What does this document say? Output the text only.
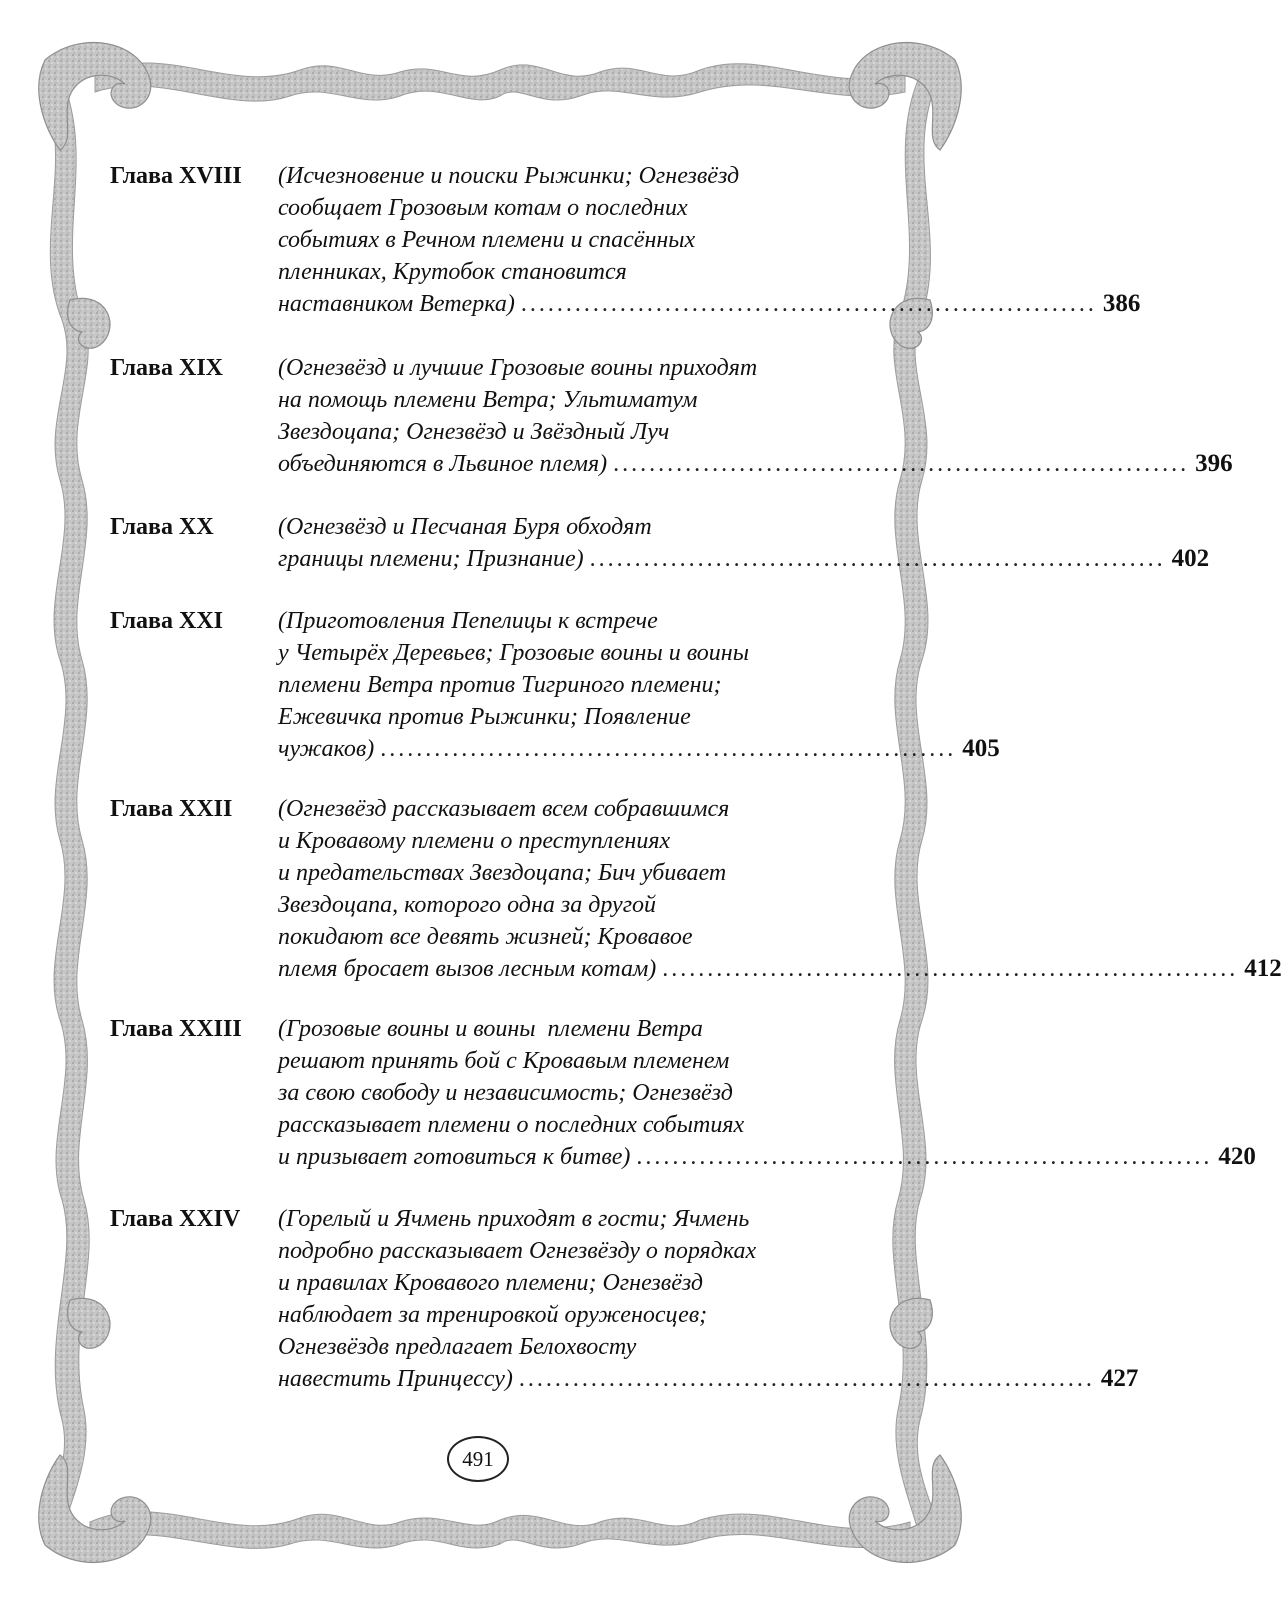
Глава XVIII	(Исчезновение и поиски Рыжинки; Огнезвёзд
сообщает Грозовым котам о последних
событиях в Речном племени и спасённых
пленниках, Крутобок становится
наставником Ветерка) ................................................................ 386
Глава XIX	(Огнезвёзд и лучшие Грозовые воины приходят
на помощь племени Ветра; Ультиматум
Звездоцапа; Огнезвёзд и Звёздный Луч
объединяются в Львиное племя) ................................................................ 396
Глава XX	(Огнезвёзд и Песчаная Буря обходят
границы племени; Признание) ................................................................ 402
Глава XXI	(Приготовления Пепелицы к встрече
у Четырёх Деревьев; Грозовые воины и воины
племени Ветра против Тигриного племени;
Ежевичка против Рыжинки; Появление
чужаков) ................................................................ 405
Глава XXII	(Огнезвёзд рассказывает всем собравшимся
и Кровавому племени о преступлениях
и предательствах Звездоцапа; Бич убивает
Звездоцапа, которого одна за другой
покидают все девять жизней; Кровавое
племя бросает вызов лесным котам) ................................................................ 412
Глава XXIII	(Грозовые воины и воины  племени Ветра
решают принять бой с Кровавым племенем
за свою свободу и независимость; Огнезвёзд
рассказывает племени о последних событиях
и призывает готовиться к битве) ................................................................ 420
Глава XXIV	(Горелый и Ячмень приходят в гости; Ячмень
подробно рассказывает Огнезвёзду о порядках
и правилах Кровавого племени; Огнезвёзд
наблюдает за тренировкой оруженосцев;
Огнезвёздв предлагает Белохвосту
навестить Принцессу) ................................................................ 427
491
